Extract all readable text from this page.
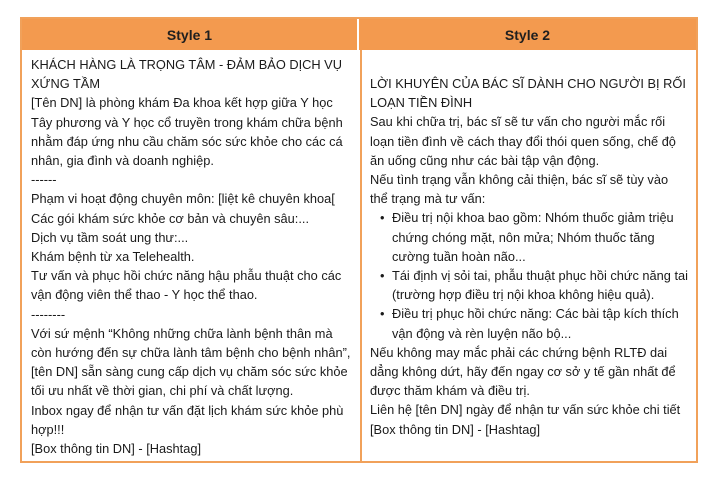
Style 1	Style 2

KHÁCH HÀNG LÀ TRỌNG TÂM - ĐẢM BẢO DỊCH VỤ XỨNG TẦM

[Tên DN] là phòng khám Đa khoa kết hợp giữa Y học Tây phương và Y học cổ truyền trong khám chữa bệnh nhằm đáp ứng nhu cầu chăm sóc sức khỏe cho các cá nhân, gia đình và doanh nghiệp.

------

Phạm vi hoạt động chuyên môn: [liệt kê chuyên khoa[

Các gói khám sức khỏe cơ bản và chuyên sâu:...

Dịch vụ tầm soát ung thư:...

Khám bệnh từ xa Telehealth.

Tư vấn và phục hồi chức năng hậu phẫu thuật cho các vận động viên thể thao - Y học thể thao.

--------

Với sứ mệnh “Không những chữa lành bệnh thân mà còn hướng đến sự chữa lành tâm bệnh cho bệnh nhân”, [tên DN] sẵn sàng cung cấp dịch vụ chăm sóc sức khỏe tối ưu nhất về thời gian, chi phí và chất lượng.

Inbox ngay để nhận tư vấn đặt lịch khám sức khỏe phù hợp!!!

[Box thông tin DN] - [Hashtag]

LỜI KHUYÊN CỦA BÁC SĨ DÀNH CHO NGƯỜI BỊ RỐI LOẠN TIỀN ĐÌNH

Sau khi chữa trị, bác sĩ sẽ tư vấn cho người mắc rối loạn tiền đình về cách thay đổi thói quen sống, chế độ ăn uống cũng như các bài tập vận động.

Nếu tình trạng vẫn không cải thiện, bác sĩ sẽ tùy vào thể trạng mà tư vấn:

• Điều trị nội khoa bao gồm: Nhóm thuốc giảm triệu chứng chóng mặt, nôn mửa; Nhóm thuốc tăng cường tuần hoàn não...
• Tái định vị sỏi tai, phẫu thuật phục hồi chức năng tai (trường hợp điều trị nội khoa không hiệu quả).
• Điều trị phục hồi chức năng: Các bài tập kích thích vận động và rèn luyện não bộ...

Nếu không may mắc phải các chứng bệnh RLTĐ dai dẳng không dứt, hãy đến ngay cơ sở y tế gần nhất để được thăm khám và điều trị.

Liên hệ [tên DN] ngày để nhận tư vấn sức khỏe chi tiết

[Box thông tin DN] - [Hashtag]
